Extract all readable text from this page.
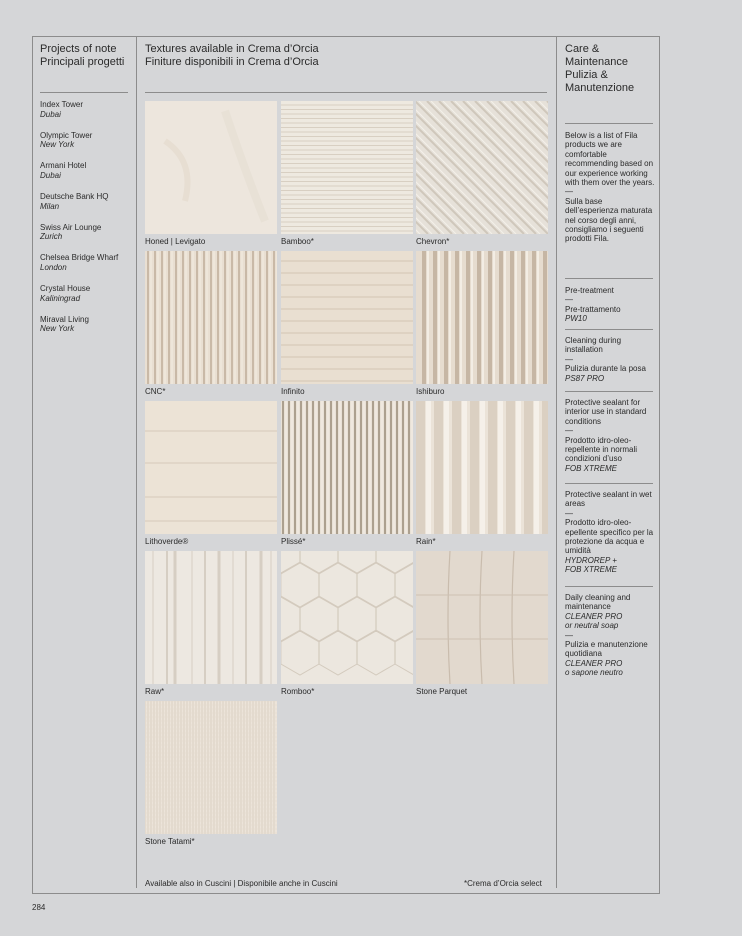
Projects of note
Principali progetti
Index Tower
Dubai
Olympic Tower
New York
Armani Hotel
Dubai
Deutsche Bank HQ
Milan
Swiss Air Lounge
Zurich
Chelsea Bridge Wharf
London
Crystal House
Kaliningrad
Miraval Living
New York
Textures available in Crema d’Orcia
Finiture disponibili in Crema d’Orcia
Honed | Levigato	Bamboo*	Chevron*
CNC*	Infinito	Ishiburo
Lithoverde®	Plissé*	Rain*
Raw*	Romboo*	Stone Parquet
Stone Tatami*
Available also in Cuscini | Disponibile anche in Cuscini	*Crema d’Orcia select
284
Care &
Maintenance
Pulizia &
Manutenzione
Below is a list of Fila products we are comfortable recommending based on our experience working with them over the years.
—
Sulla base dell’esperienza maturata nel corso degli anni, consigliamo i seguenti prodotti Fila.
Pre-treatment
—
Pre-trattamento
PW10
Cleaning during installation
—
Pulizia durante la posa
PS87 PRO
Protective sealant for interior use in standard conditions
—
Prodotto idro-oleo-repellente in normali condizioni d’uso
FOB XTREME
Protective sealant in wet areas
—
Prodotto idro-oleo-epellente specifico per la protezione da acqua e umidità
HYDROREP +
FOB XTREME
Daily cleaning and maintenance
CLEANER PRO
or neutral soap
—
Pulizia e manutenzione quotidiana
CLEANER PRO
o sapone neutro
